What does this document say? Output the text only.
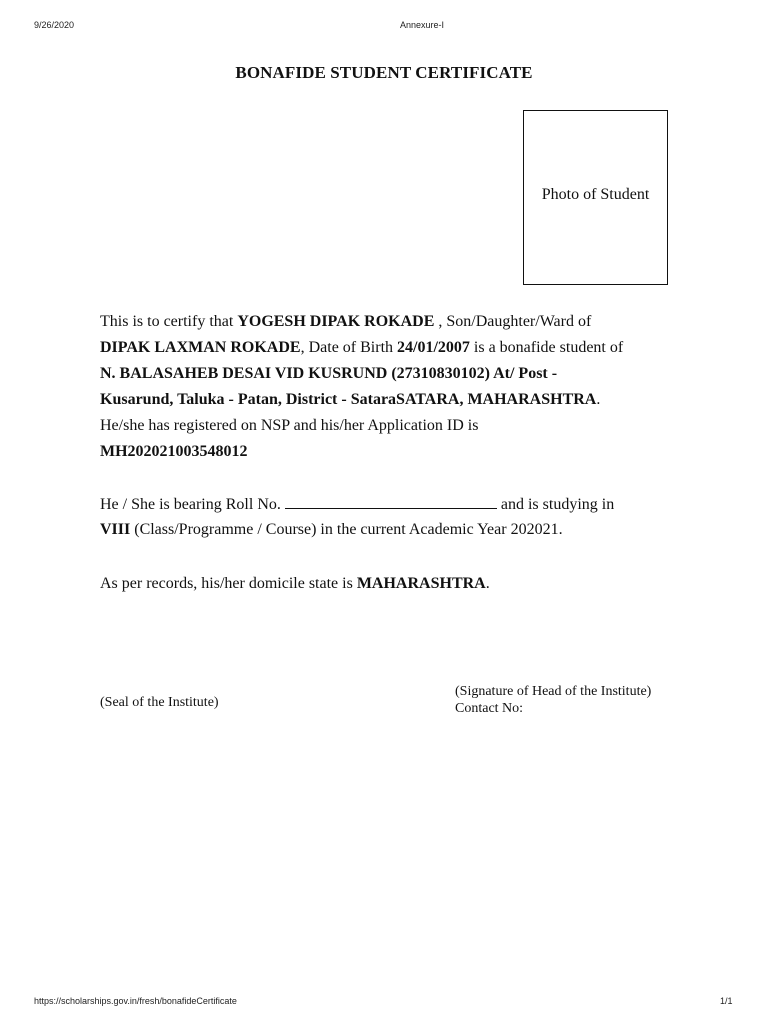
9/26/2020	Annexure-I
BONAFIDE STUDENT CERTIFICATE
Photo of Student
This is to certify that YOGESH DIPAK ROKADE , Son/Daughter/Ward of
DIPAK LAXMAN ROKADE, Date of Birth 24/01/2007 is a bonafide student of
N. BALASAHEB DESAI VID KUSRUND (27310830102) At/ Post -
Kusarund, Taluka - Patan, District - SataraSATARA, MAHARASHTRA.
He/she has registered on NSP and his/her Application ID is
MH202021003548012
He / She is bearing Roll No.	and is studying in
VIII (Class/Programme / Course) in the current Academic Year 202021.
As per records, his/her domicile state is MAHARASHTRA.
(Seal of the Institute)
(Signature of Head of the Institute)
Contact No:
https://scholarships.gov.in/fresh/bonafideCertificate	1/1
